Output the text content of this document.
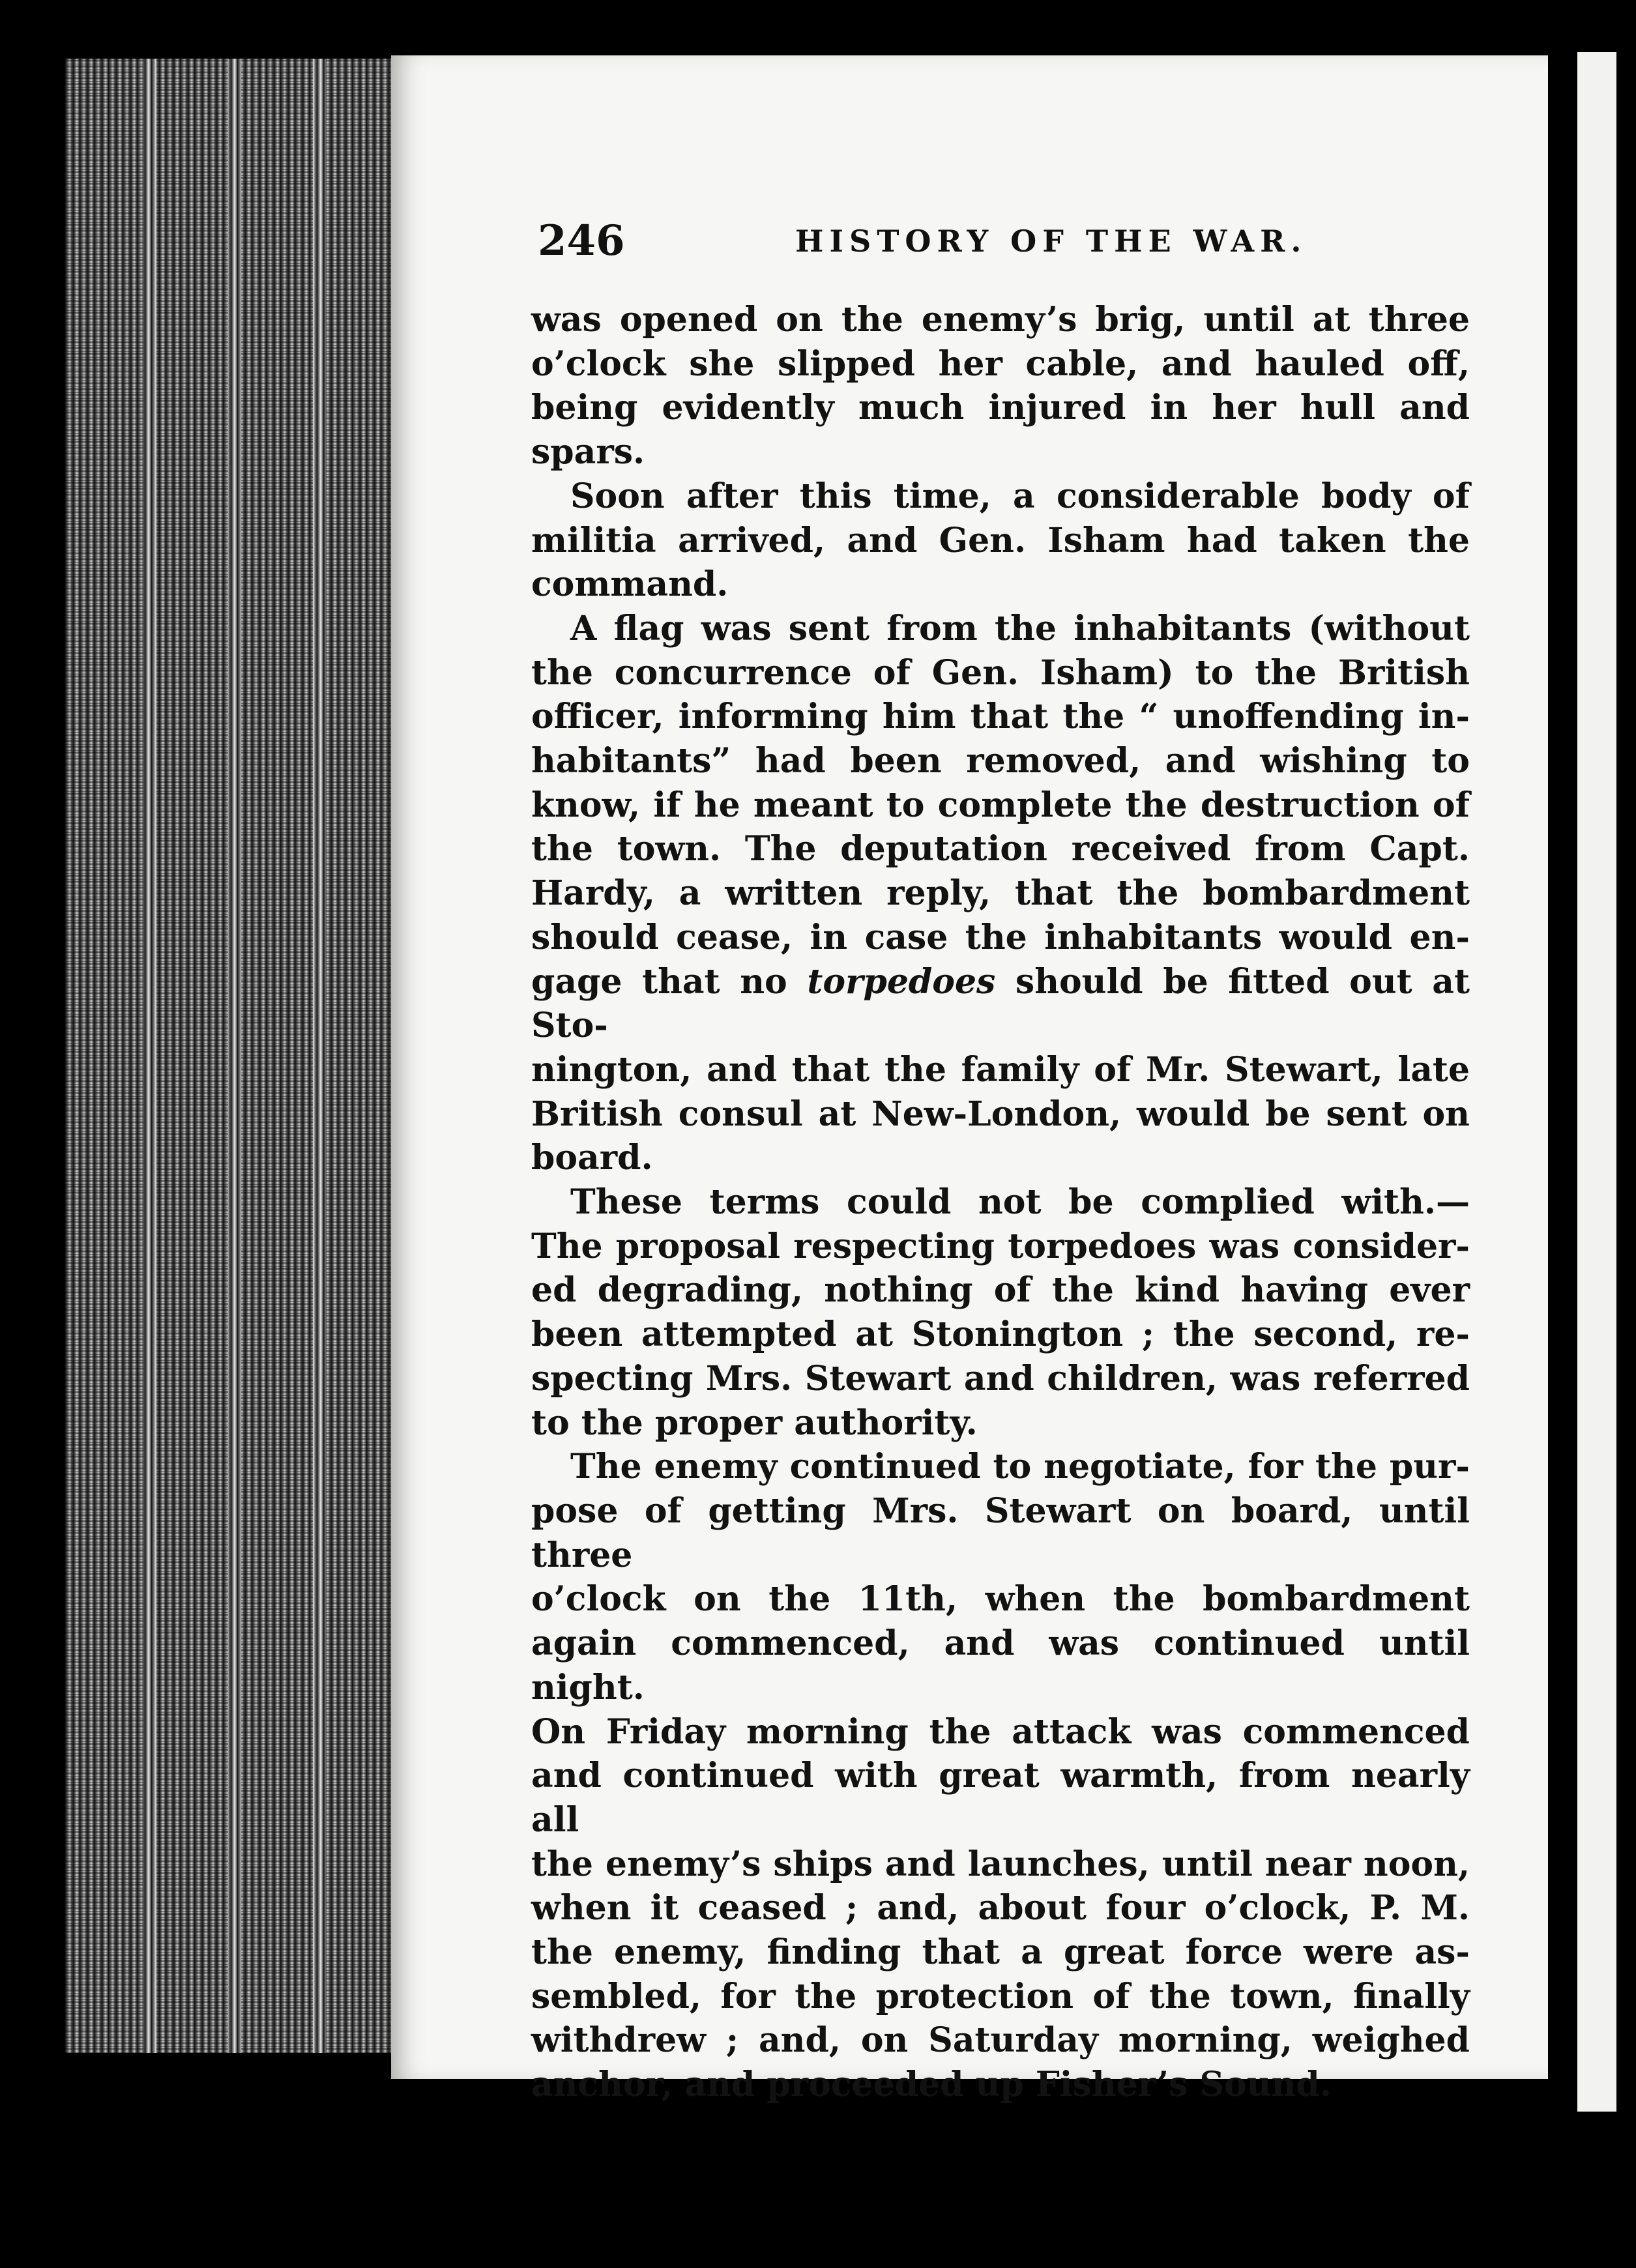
246	HISTORY OF THE WAR.

was opened on the enemy’s brig, until at three

o’clock she slipped her cable, and hauled off,

being evidently much injured in her hull and

spars.

Soon after this time, a considerable body of

militia arrived, and Gen. Isham had taken the

command.

A flag was sent from the inhabitants (without

the concurrence of Gen. Isham) to the British

officer, informing him that the “ unoffending in-

habitants” had been removed, and wishing to

know, if he meant to complete the destruction of

the town. The deputation received from Capt.

Hardy, a written reply, that the bombardment

should cease, in case the inhabitants would en-

gage that no torpedoes should be fitted out at Sto-

nington, and that the family of Mr. Stewart, late

British consul at New-London, would be sent on

board.

These terms could not be complied with.—

The proposal respecting torpedoes was consider-

ed degrading, nothing of the kind having ever

been attempted at Stonington ; the second, re-

specting Mrs. Stewart and children, was referred

to the proper authority.

The enemy continued to negotiate, for the pur-

pose of getting Mrs. Stewart on board, until three

o’clock on the 11th, when the bombardment

again commenced, and was continued until night.

On Friday morning the attack was commenced

and continued with great warmth, from nearly all

the enemy’s ships and launches, until near noon,

when it ceased ; and, about four o’clock, P. M.

the enemy, finding that a great force were as-

sembled, for the protection of the town, finally

withdrew ; and, on Saturday morning, weighed

anchor, and proceeded up Fisher’s Sound.
